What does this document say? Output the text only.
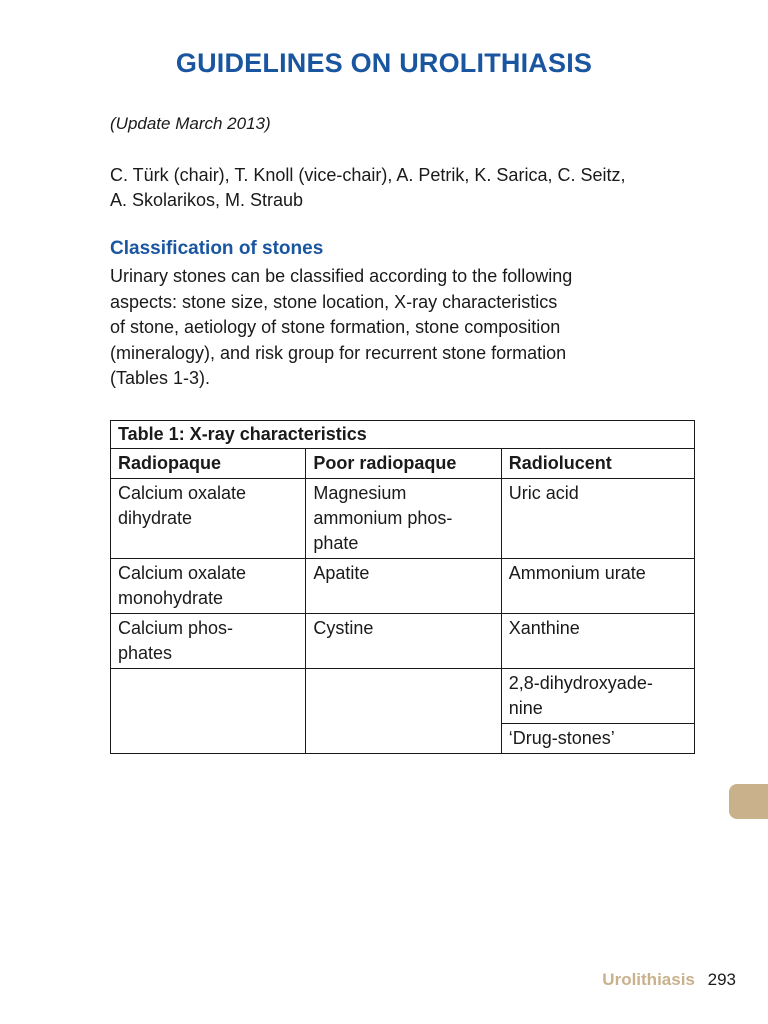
GUIDELINES ON UROLITHIASIS
(Update March 2013)
C. Türk (chair), T. Knoll (vice-chair), A. Petrik, K. Sarica, C. Seitz,
A. Skolarikos, M. Straub
Classification of stones
Urinary stones can be classified according to the following
aspects: stone size, stone location, X-ray characteristics
of stone, aetiology of stone formation, stone composition
(mineralogy), and risk group for recurrent stone formation
(Tables 1-3).
Table 1: X-ray characteristics		
Radiopaque	Poor radiopaque	Radiolucent

Calcium oxalate
dihydrate	Magnesium
ammonium phos-
phate	Uric acid

Calcium oxalate
monohydrate	Apatite	Ammonium urate

Calcium phos-
phates	Cystine	Xanthine

		2,8-dihydroxyade-
nine

		‘Drug-stones’
Urolithiasis 293
